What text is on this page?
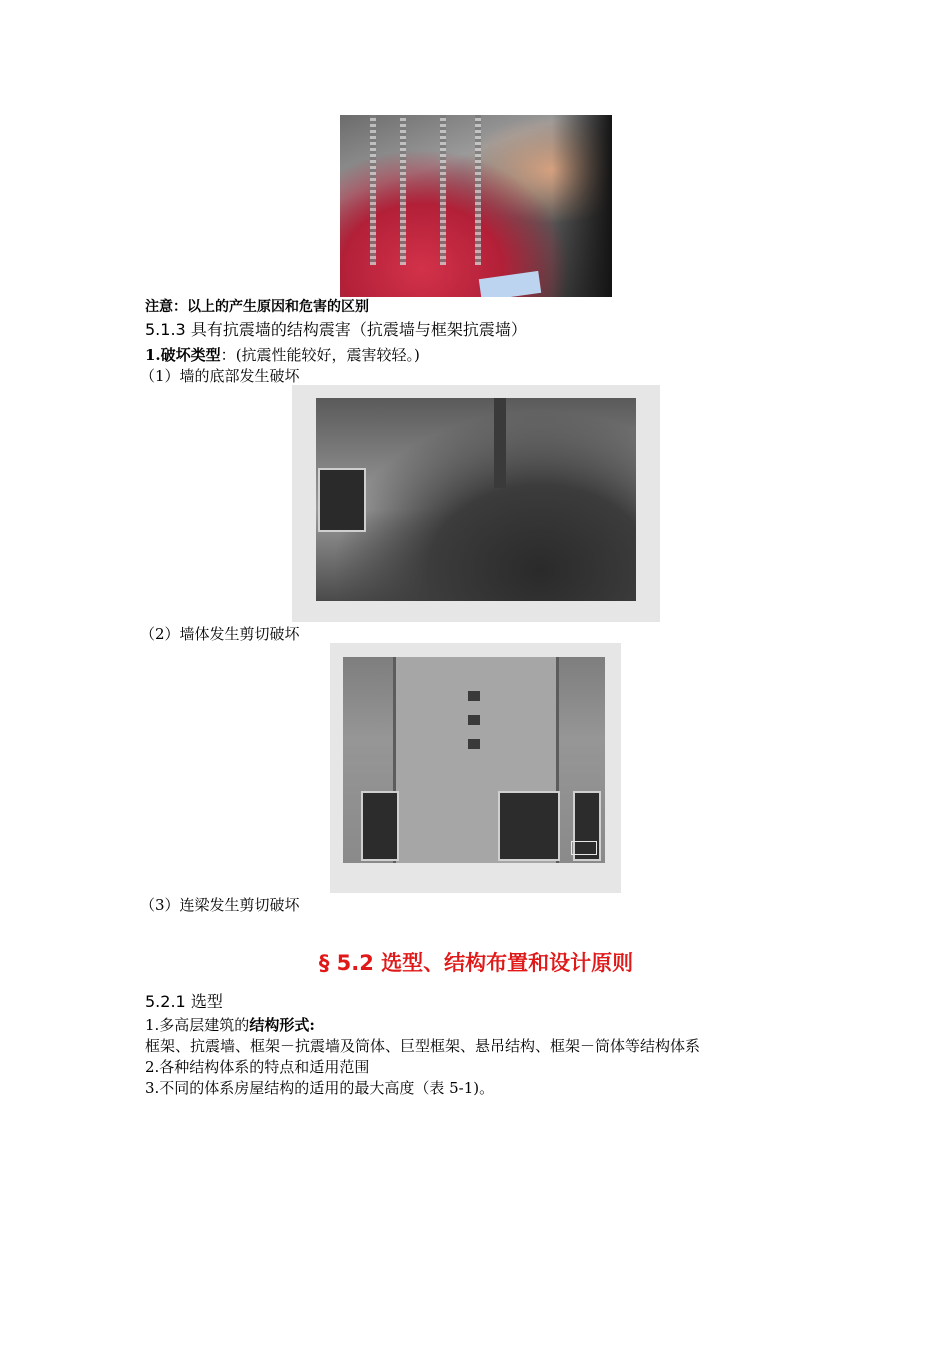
注意：以上的产生原因和危害的区别
5.1.3 具有抗震墙的结构震害（抗震墙与框架抗震墙）
1.破坏类型：(抗震性能较好，震害较轻。)
（1）墙的底部发生破坏
（2）墙体发生剪切破坏
（3）连梁发生剪切破坏
§ 5.2 选型、结构布置和设计原则
5.2.1 选型
1.多高层建筑的结构形式:
框架、抗震墙、框架－抗震墙及筒体、巨型框架、悬吊结构、框架－筒体等结构体系
2.各种结构体系的特点和适用范围
3.不同的体系房屋结构的适用的最大高度（表 5-1)。
